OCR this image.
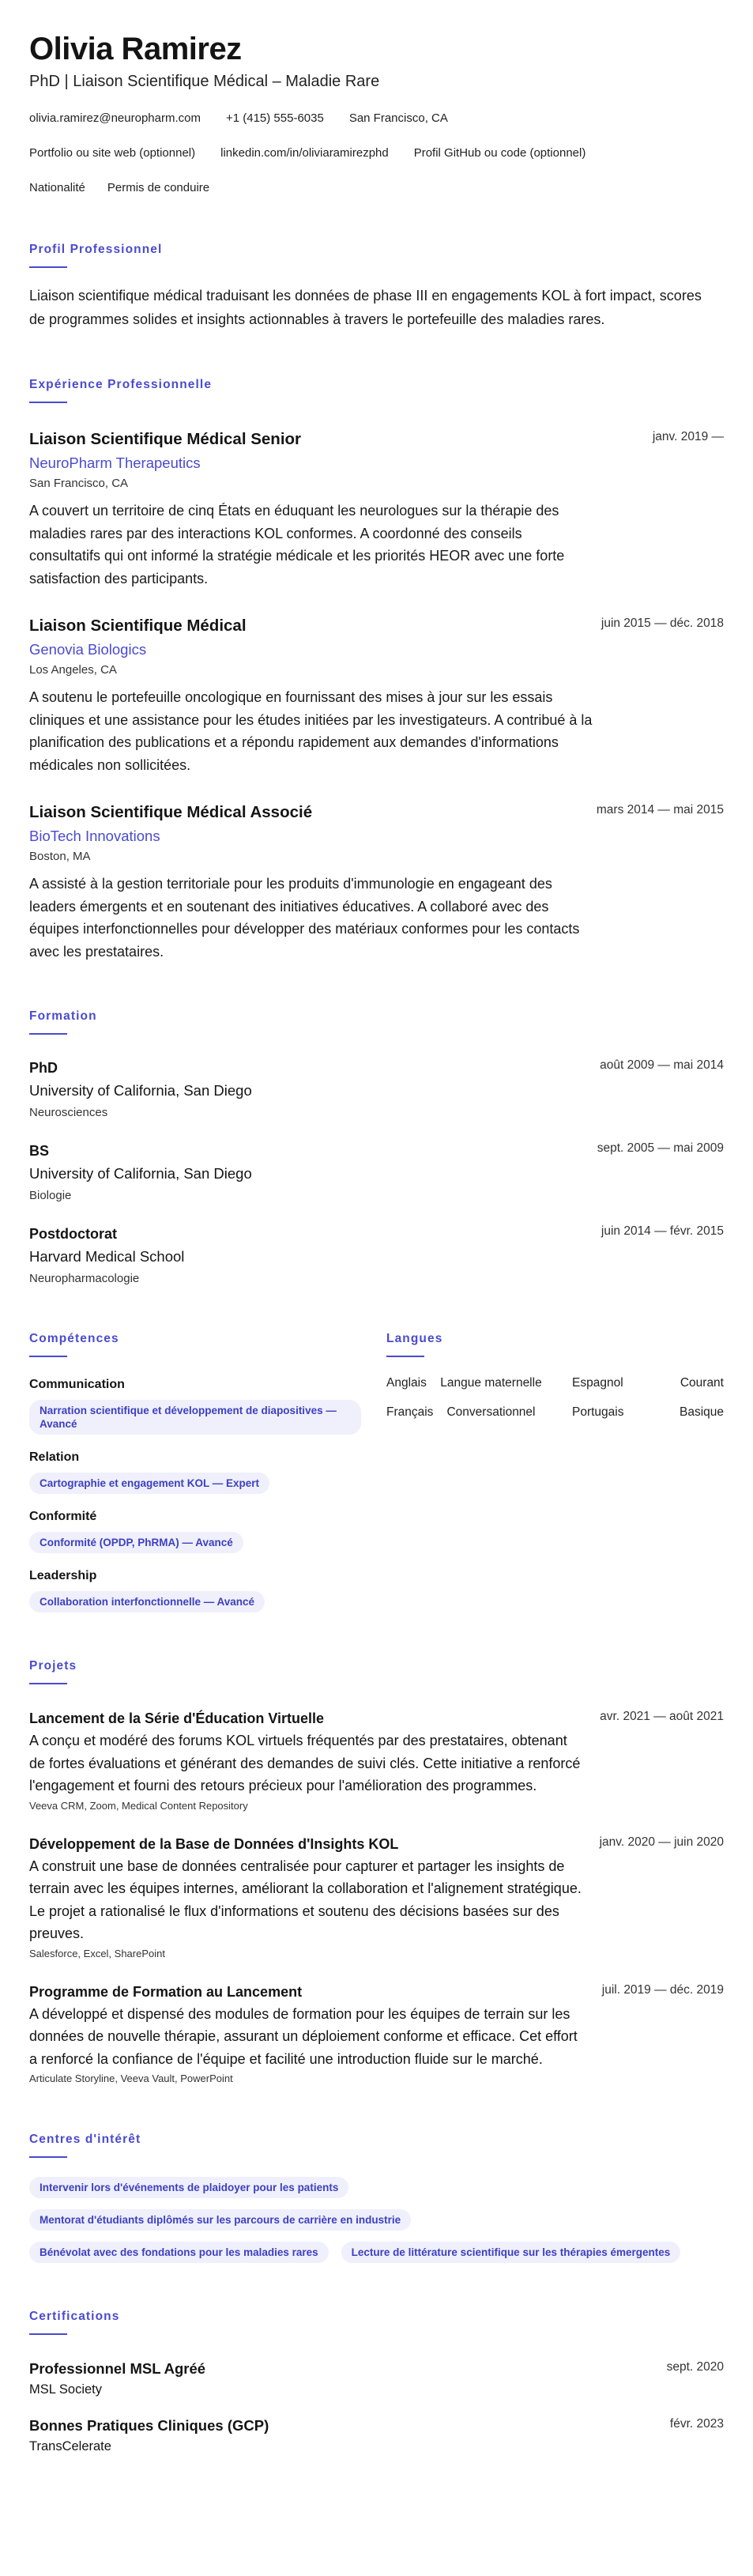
Olivia Ramirez
PhD | Liaison Scientifique Médical – Maladie Rare
olivia.ramirez@neuropharm.com +1 (415) 555-6035 San Francisco, CA
Portfolio ou site web (optionnel) linkedin.com/in/oliviaramirezphd Profil GitHub ou code (optionnel)
Nationalité Permis de conduire
Profil Professionnel

Liaison scientifique médical traduisant les données de phase III en engagements KOL à fort impact, scores de programmes solides et insights actionnables à travers le portefeuille des maladies rares.

Expérience Professionnelle
janv. 2019 —
Liaison Scientifique Médical Senior
NeuroPharm Therapeutics
San Francisco, CA

A couvert un territoire de cinq États en éduquant les neurologues sur la thérapie des maladies rares par des interactions KOL conformes. A coordonné des conseils consultatifs qui ont informé la stratégie médicale et les priorités HEOR avec une forte satisfaction des participants.

juin 2015 — déc. 2018
Liaison Scientifique Médical
Genovia Biologics
Los Angeles, CA

A soutenu le portefeuille oncologique en fournissant des mises à jour sur les essais cliniques et une assistance pour les études initiées par les investigateurs. A contribué à la planification des publications et a répondu rapidement aux demandes d'informations médicales non sollicitées.

mars 2014 — mai 2015
Liaison Scientifique Médical Associé
BioTech Innovations
Boston, MA

A assisté à la gestion territoriale pour les produits d'immunologie en engageant des leaders émergents et en soutenant des initiatives éducatives. A collaboré avec des équipes interfonctionnelles pour développer des matériaux conformes pour les contacts avec les prestataires.

Formation
août 2009 — mai 2014
PhD
University of California, San Diego
Neurosciences
sept. 2005 — mai 2009
BS
University of California, San Diego
Biologie
juin 2014 — févr. 2015
Postdoctorat
Harvard Medical School
Neuropharmacologie
Compétences
Communication
Narration scientifique et développement de diapositives — Avancé
Relation
Cartographie et engagement KOL — Expert
Conformité
Conformité (OPDP, PhRMA) — Avancé
Leadership
Collaboration interfonctionnelle — Avancé
Langues
Anglais	Langue maternelle	Espagnol	Courant
Français	Conversationnel	Portugais	Basique
Projets
avr. 2021 — août 2021
Lancement de la Série d'Éducation Virtuelle

A conçu et modéré des forums KOL virtuels fréquentés par des prestataires, obtenant de fortes évaluations et générant des demandes de suivi clés. Cette initiative a renforcé l'engagement et fourni des retours précieux pour l'amélioration des programmes.

Veeva CRM, Zoom, Medical Content Repository
janv. 2020 — juin 2020
Développement de la Base de Données d'Insights KOL

A construit une base de données centralisée pour capturer et partager les insights de terrain avec les équipes internes, améliorant la collaboration et l'alignement stratégique. Le projet a rationalisé le flux d'informations et soutenu des décisions basées sur des preuves.

Salesforce, Excel, SharePoint
juil. 2019 — déc. 2019
Programme de Formation au Lancement

A développé et dispensé des modules de formation pour les équipes de terrain sur les données de nouvelle thérapie, assurant un déploiement conforme et efficace. Cet effort a renforcé la confiance de l'équipe et facilité une introduction fluide sur le marché.

Articulate Storyline, Veeva Vault, PowerPoint
Centres d'intérêt
Intervenir lors d'événements de plaidoyer pour les patients
Mentorat d'étudiants diplômés sur les parcours de carrière en industrie
Bénévolat avec des fondations pour les maladies rares	Lecture de littérature scientifique sur les thérapies émergentes
Certifications
sept. 2020
Professionnel MSL Agréé
MSL Society
févr. 2023
Bonnes Pratiques Cliniques (GCP)
TransCelerate
